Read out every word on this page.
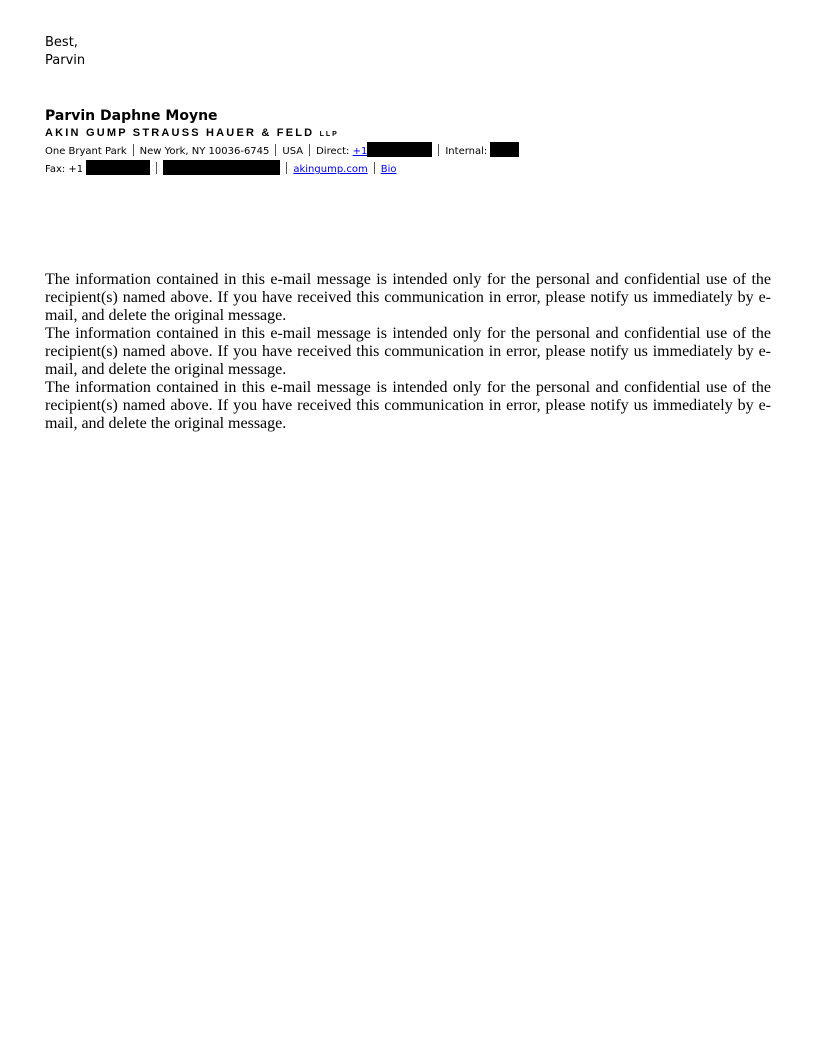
Best,
Parvin
Parvin Daphne Moyne
AKIN GUMP STRAUSS HAUER & FELD LLP
One Bryant Park New York, NY 10036-6745 USA Direct: +1	Internal:
Fax: +1	akingump.com Bio

The information contained in this e-mail message is intended only for the personal and confidential use of the recipient(s) named above. If you have received this communication in error, please notify us immediately by e-mail, and delete the original message.

The information contained in this e-mail message is intended only for the personal and confidential use of the recipient(s) named above. If you have received this communication in error, please notify us immediately by e-mail, and delete the original message.

The information contained in this e-mail message is intended only for the personal and confidential use of the recipient(s) named above. If you have received this communication in error, please notify us immediately by e-mail, and delete the original message.
